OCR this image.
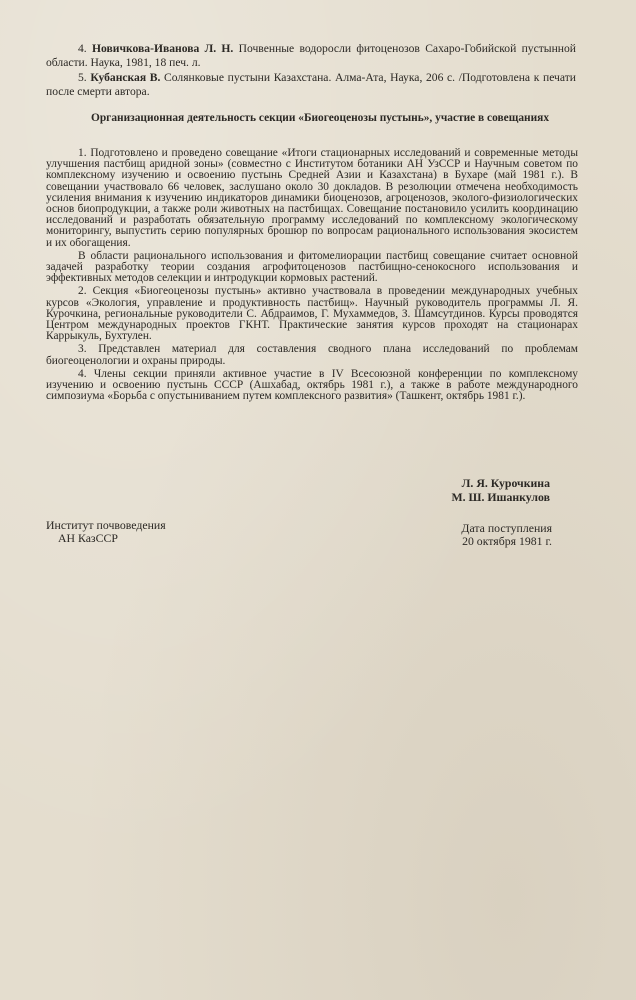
4. Новичкова-Иванова Л. Н. Почвенные водоросли фитоценозов Сахаро-Гобийской пустынной области. Наука, 1981, 18 печ. л.

5. Кубанская В. Солянковые пустыни Казахстана. Алма-Ата, Наука, 206 с. /Подготовлена к печати после смерти автора.

Организационная деятельность секции «Биогеоценозы пустынь», участие в совещаниях

1. Подготовлено и проведено совещание «Итоги стационарных исследований и современные методы улучшения пастбищ аридной зоны» (совместно с Институтом ботаники АН УзССР и Научным советом по комплексному изучению и освоению пустынь Средней Азии и Казахстана) в Бухаре (май 1981 г.). В совещании участвовало 66 человек, заслушано около 30 докладов. В резолюции отмечена необходимость усиления внимания к изучению индикаторов динамики биоценозов, агроценозов, эколого-физиологических основ биопродукции, а также роли животных на пастбищах. Совещание постановило усилить координацию исследований и разработать обязательную программу исследований по комплексному экологическому мониторингу, выпустить серию популярных брошюр по вопросам рационального использования экосистем и их обогащения.

В области рационального использования и фитомелиорации пастбищ совещание считает основной задачей разработку теории создания агрофитоценозов пастбищно-сенокосного использования и эффективных методов селекции и интродукции кормовых растений.

2. Секция «Биогеоценозы пустынь» активно участвовала в проведении международных учебных курсов «Экология, управление и продуктивность пастбищ». Научный руководитель программы Л. Я. Курочкина, региональные руководители С. Абдраимов, Г. Мухаммедов, З. Шамсутдинов. Курсы проводятся Центром международных проектов ГКНТ. Практические занятия курсов проходят на стационарах Каррыкуль, Бухтулен.

3. Представлен материал для составления сводного плана исследований по проблемам биогеоценологии и охраны природы.

4. Члены секции приняли активное участие в IV Всесоюзной конференции по комплексному изучению и освоению пустынь СССР (Ашхабад, октябрь 1981 г.), а также в работе международного симпозиума «Борьба с опустыниванием путем комплексного развития» (Ташкент, октябрь 1981 г.).

Л. Я. Курочкина
М. Ш. Ишанкулов
Институт почвоведения
АН КазССР
Дата поступления
20 октября 1981 г.
